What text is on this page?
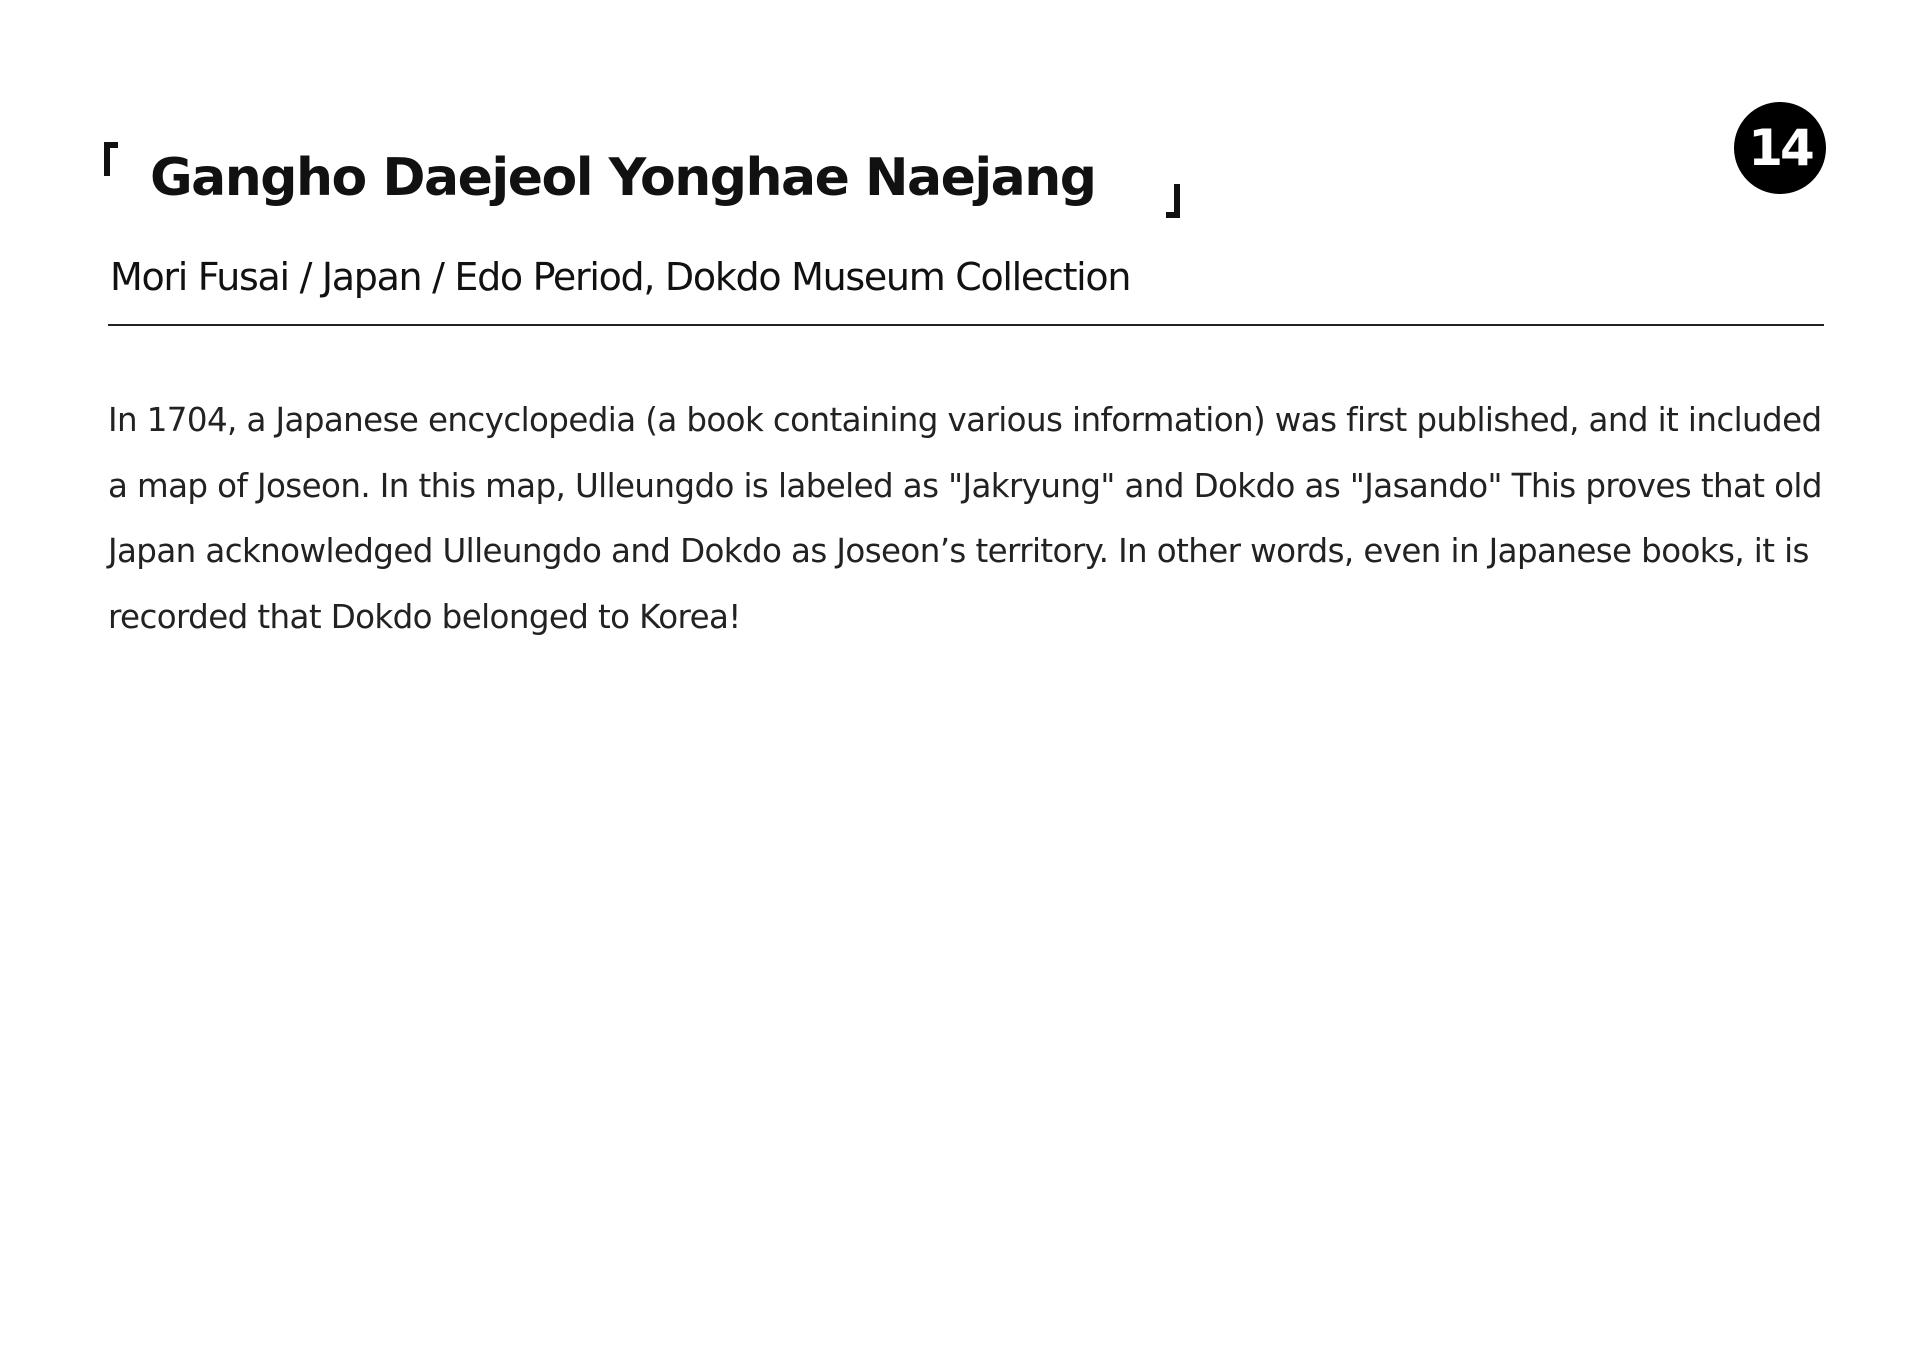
Gangho Daejeol Yonghae Naejang	14

Mori Fusai / Japan / Edo Period, Dokdo Museum Collection

In 1704, a Japanese encyclopedia (a book containing various information) was first published, and it included a map of Joseon. In this map, Ulleungdo is labeled as "Jakryung" and Dokdo as "Jasando" This proves that old Japan acknowledged Ulleungdo and Dokdo as Joseon’s territory. In other words, even in Japanese books, it is recorded that Dokdo belonged to Korea!
